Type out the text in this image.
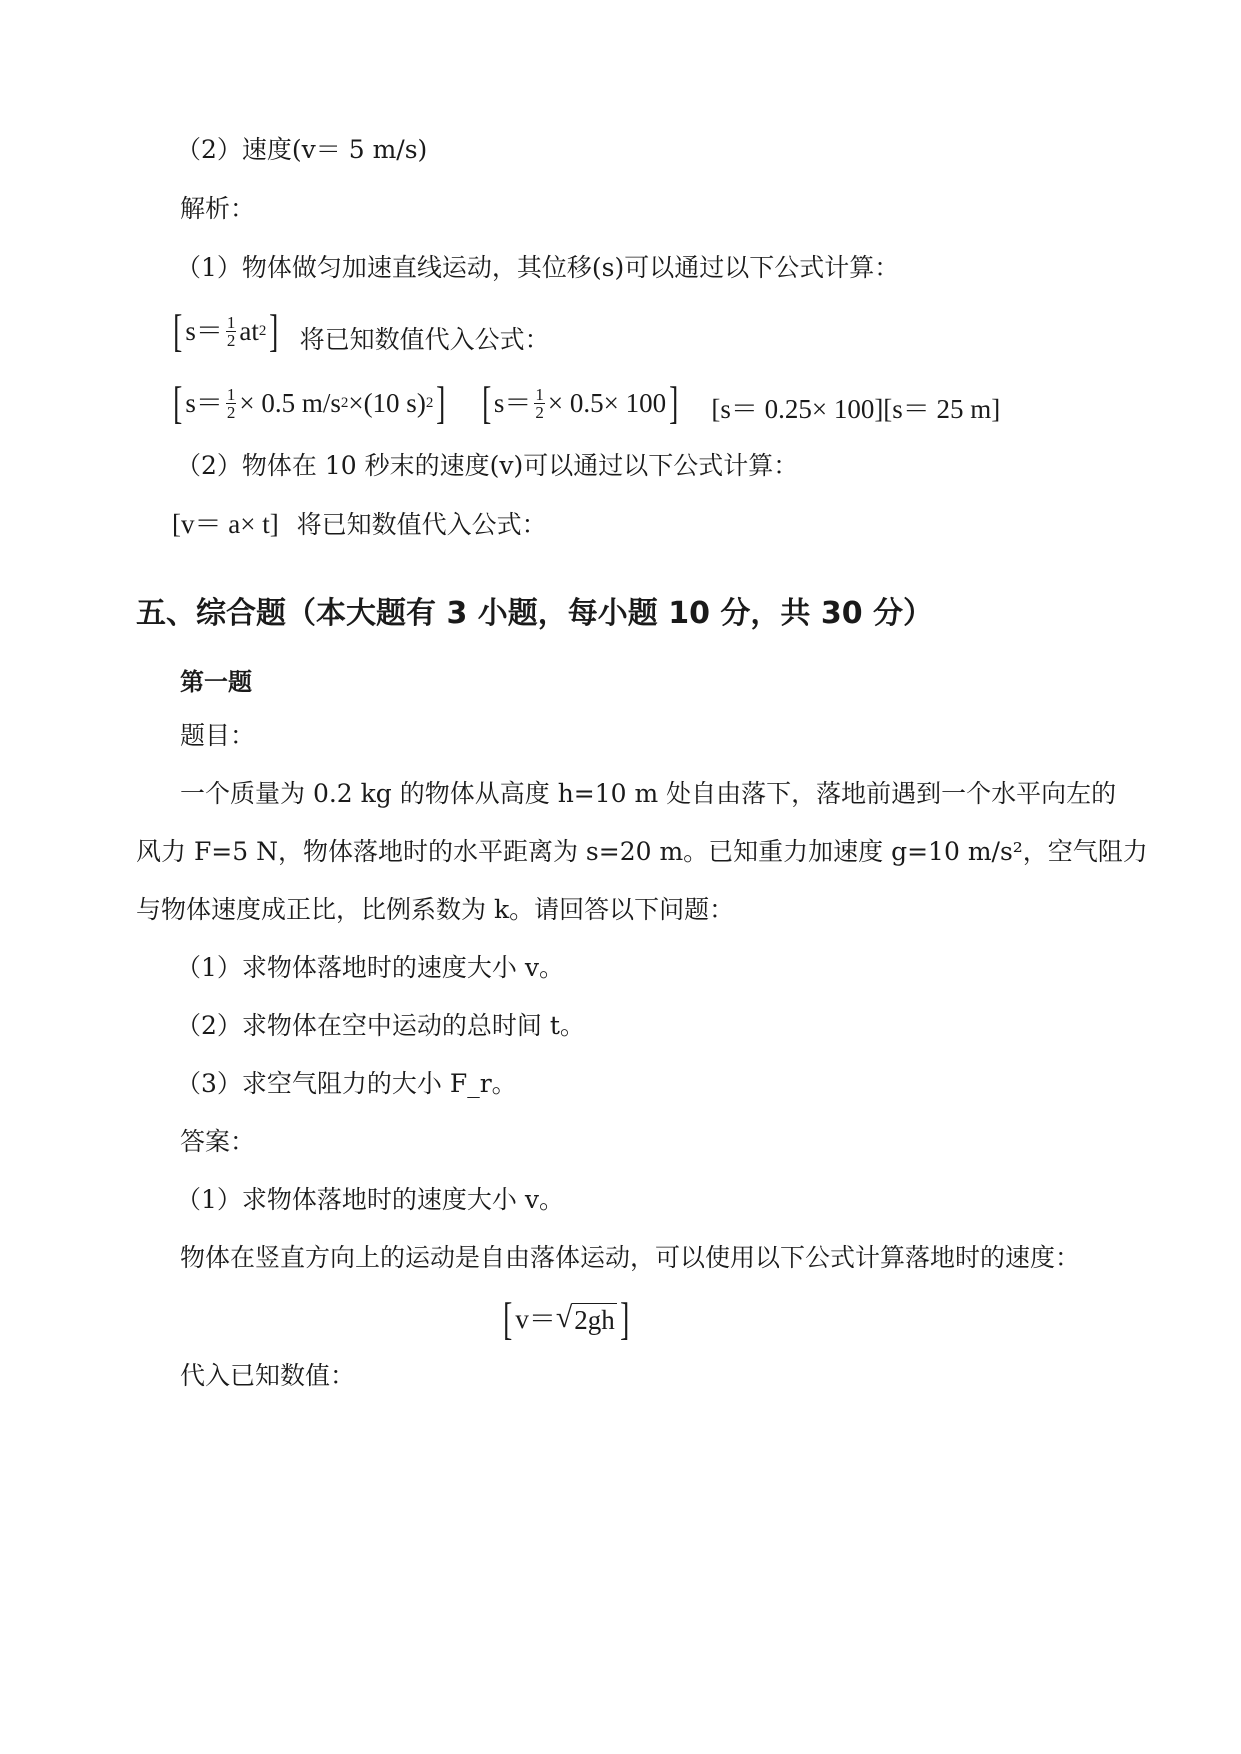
（2）速度(v＝ 5 m/s)
解析：
（1）物体做匀加速直线运动，其位移(s)可以通过以下公式计算：
[ $s= \frac{1}{2}$ at 2 ] 将已知数值代入公式：
[ $s= \frac{1}{2} \times 0.5$ m/s 2 ×(10 s) 2 ]
[ $s= \frac{1}{2} \times 0.5\times 100$ ] [s＝ 0.25× 100][s＝ 25 m]
（2）物体在 10 秒末的速度(v)可以通过以下公式计算：
[v＝ a× t] 将已知数值代入公式：
五、综合题（本大题有 3 小题，每小题 10 分，共 30 分）
第一题
题目：
一个质量为 0.2 kg 的物体从高度 h=10 m 处自由落下，落地前遇到一个水平向左的
风力 F=5 N，物体落地时的水平距离为 s=20 m。已知重力加速度 g=10 m/s²，空气阻力
与物体速度成正比，比例系数为 k。请回答以下问题：
（1）求物体落地时的速度大小 v。
（2）求物体在空中运动的总时间 t。
（3）求空气阻力的大小 F_r。
答案：
（1）求物体落地时的速度大小 v。
物体在竖直方向上的运动是自由落体运动，可以使用以下公式计算落地时的速度：
[ v＝ √ 2gh ]
代入已知数值：
